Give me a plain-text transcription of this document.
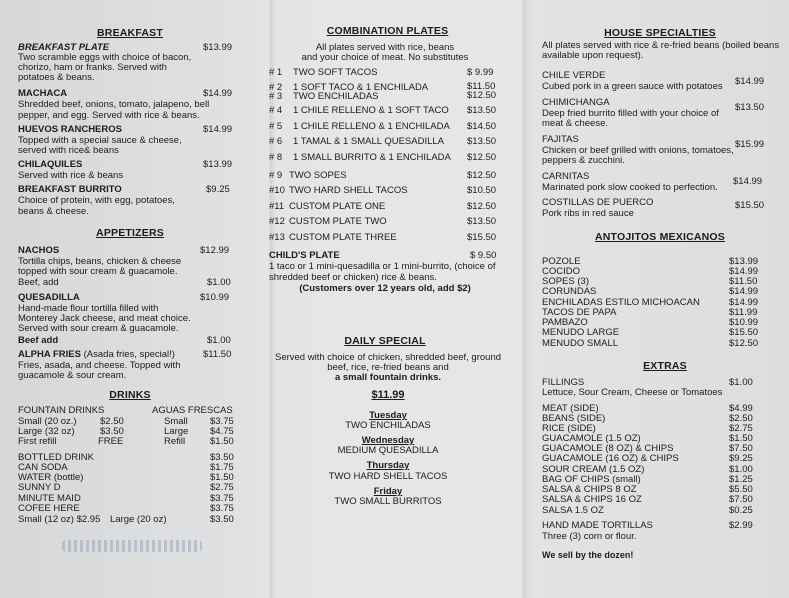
BREAKFAST
BREAKFAST PLATE	$13.99
Two scramble eggs with choice of bacon,
chorizo, ham or franks. Served with
potatoes & beans.
MACHACA	$14.99
Shredded beef, onions, tomato, jalapeno, bell
pepper, and egg. Served with rice & beans.
HUEVOS RANCHEROS	$14.99
Topped with a special sauce & cheese,
served with rice& beans
CHILAQUILES	$13.99
Served with rice & beans
BREAKFAST BURRITO	$9.25
Choice of protein, with egg, potatoes,
beans & cheese.
APPETIZERS
NACHOS	$12.99
Tortilla chips, beans, chicken & cheese
topped with sour cream & guacamole.
Beef, add	$1.00
QUESADILLA	$10.99
Hand-made flour tortilla filled with
Monterey Jack cheese, and meat choice.
Served with sour cream & guacamole.
Beef add	$1.00
ALPHA FRIES (Asada fries, special!)	$11.50
Fries, asada, and cheese. Topped with
guacamole & sour cream.
DRINKS
FOUNTAIN DRINKS	AGUAS FRESCAS
Small (20 oz.) $2.50	Small $3.75
Large (32 oz)	$3.50	Large $4.75
First refill	FREE	Refill	$1.50
BOTTLED DRINK	$3.50
CAN SODA	$1.75
WATER (bottle)	$1.50
SUNNY D	$2.75
MINUTE MAID	$3.75
COFEE HERE	$3.75
Small (12 oz) $2.95 Large (20 oz)	$3.50
COMBINATION PLATES
All plates served with rice, beans
and your choice of meat. No substitutes
# 1 TWO SOFT TACOS	$ 9.99
# 2 1 SOFT TACO & 1 ENCHILADA	$11.50
# 3 TWO ENCHILADAS	$12.50
# 4 1 CHILE RELLENO & 1 SOFT TACO $13.50
# 5 1 CHILE RELLENO & 1 ENCHILADA $14.50
# 6 1 TAMAL & 1 SMALL QUESADILLA $13.50
# 8 1 SMALL BURRITO & 1 ENCHILADA $12.50
# 9 TWO SOPES	$12.50
#10 TWO HARD SHELL TACOS	$10.50
#11 CUSTOM PLATE ONE	$12.50
#12 CUSTOM PLATE TWO	$13.50
#13 CUSTOM PLATE THREE	$15.50
CHILD'S PLATE	$ 9.50
1 taco or 1 mini-quesadilla or 1 mini-burrito, (choice of
shredded beef or chicken) rice & beans.
(Customers over 12 years old, add $2)
DAILY SPECIAL
Served with choice of chicken, shredded beef, ground
beef, rice, re-fried beans and
a small fountain drinks.
$11.99
Tuesday
TWO ENCHILADAS
Wednesday
MEDIUM QUESADILLA
Thursday
TWO HARD SHELL TACOS
Friday
TWO SMALL BURRITOS
HOUSE SPECIALTIES
All plates served with rice & re-fried beans (boiled beans
available upon request).
CHILE VERDE
$14.99
Cubed pork in a green sauce with potatoes
CHIMICHANGA	$13.50
Deep fried burrito filled with your choice of
meat & cheese.
FAJITAS	$15.99
Chicken or beef grilled with onions, tomatoes,
peppers & zucchini.
CARNITAS	$14.99
Marinated pork slow cooked to perfection.
COSTILLAS DE PUERCO	$15.50
Pork ribs in red sauce
ANTOJITOS MEXICANOS
POZOLE	$13.99
COCIDO	$14.99
SOPES (3)	$11.50
CORUNDAS	$14.99
ENCHILADAS ESTILO MICHOACAN	$14.99
TACOS DE PAPA	$11.99
PAMBAZO	$10.99
MENUDO LARGE	$15.50
MENUDO SMALL	$12.50
EXTRAS
FILLINGS	$1.00
Lettuce, Sour Cream, Cheese or Tomatoes
MEAT (SIDE)	$4.99
BEANS (SIDE)	$2.50
RICE (SIDE)	$2.75
GUACAMOLE (1.5 OZ)	$1.50
GUACAMOLE (8 OZ) & CHIPS	$7.50
GUACAMOLE (16 OZ) & CHIPS	$9.25
SOUR CREAM (1.5 OZ)	$1.00
BAG OF CHIPS (small)	$1.25
SALSA & CHIPS 8 OZ	$5.50
SALSA & CHIPS 16 OZ	$7.50
SALSA 1.5 OZ	$0.25
HAND MADE TORTILLAS	$2.99
Three (3) corn or flour.
We sell by the dozen!
